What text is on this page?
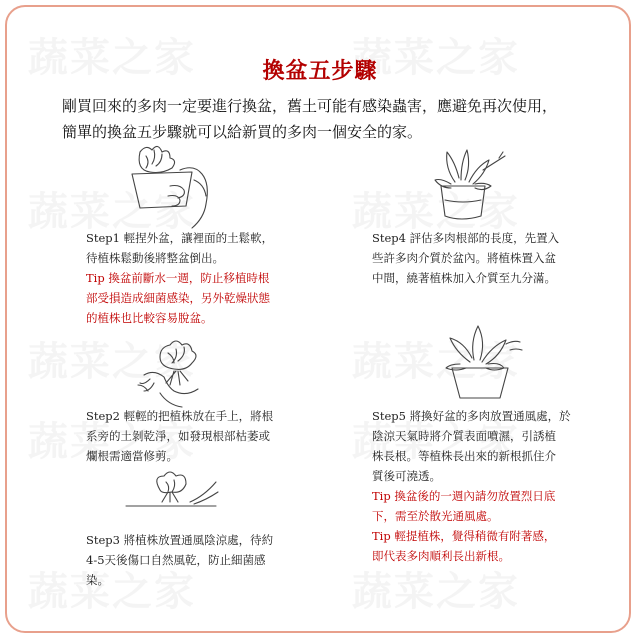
換盆五步驟
剛買回來的多肉一定要進行換盆，舊土可能有感染蟲害，應避免再次使用，
簡單的換盆五步驟就可以給新買的多肉一個安全的家。
Step1 輕捏外盆，讓裡面的土鬆軟，
待植株鬆動後將整盆倒出。
Tip 換盆前斷水一週，防止移植時根
部受損造成細菌感染，另外乾燥狀態
的植株也比較容易脫盆。
Step2 輕輕的把植株放在手上，將根
系旁的土剝乾淨，如發現根部枯萎或
爛根需適當修剪。
Step3 將植株放置通風陰涼處，待約
4-5天後傷口自然風乾，防止細菌感
染。
Step4 評估多肉根部的長度，先置入
些許多肉介質於盆內。將植株置入盆
中間，繞著植株加入介質至九分滿。
Step5 將換好盆的多肉放置通風處，於
陰涼天氣時將介質表面噴濕，引誘植
株長根。等植株長出來的新根抓住介
質後可澆透。
Tip 換盆後的一週內請勿放置烈日底
下，需至於散光通風處。
Tip 輕提植株，覺得稍微有附著感，
即代表多肉順利長出新根。
